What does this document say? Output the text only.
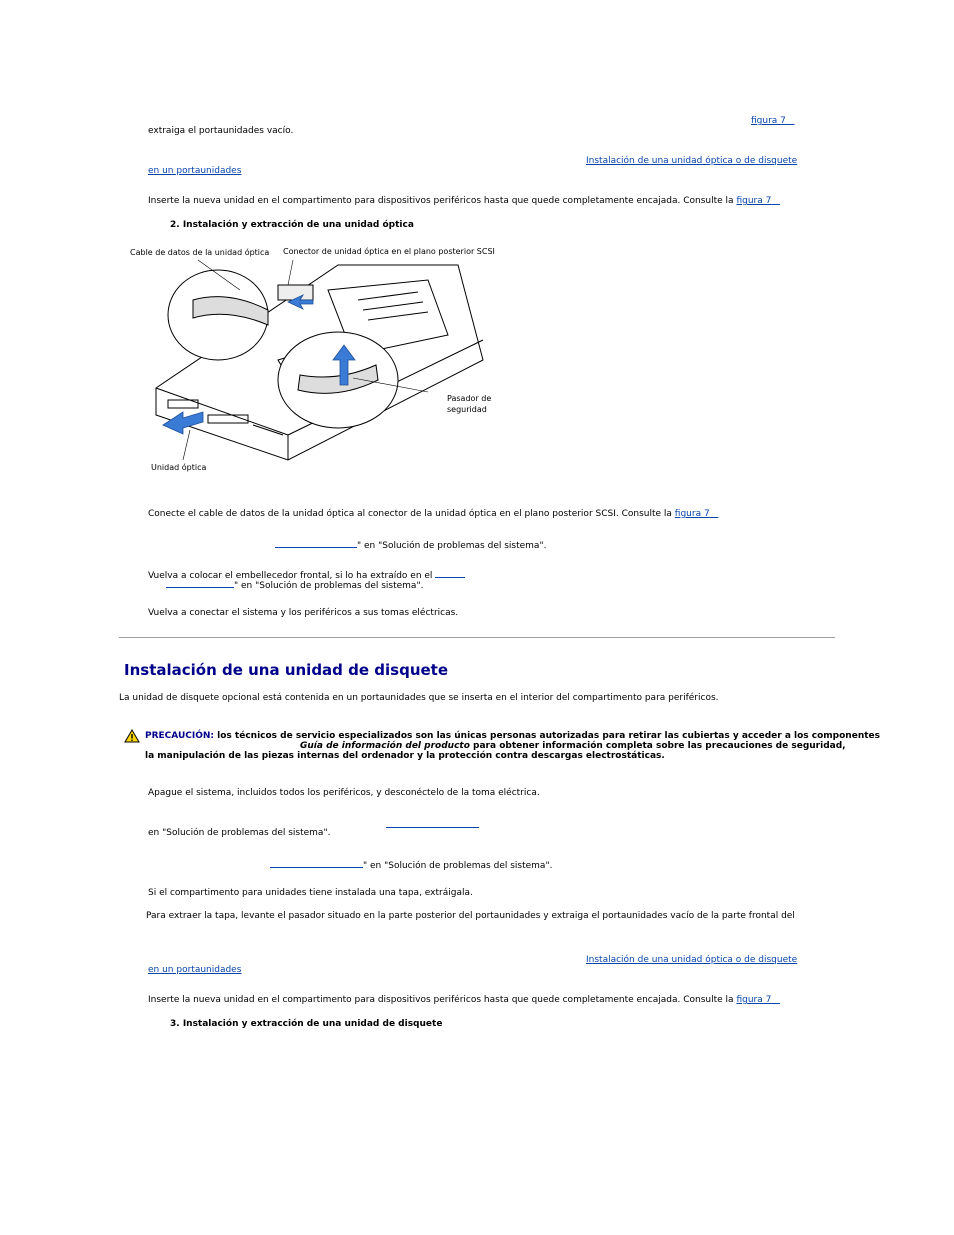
figura 7
extraiga el portaunidades vacío.
Instalación de una unidad óptica o de disquete
en un portaunidades
Inserte la nueva unidad en el compartimento para dispositivos periféricos hasta que quede completamente encajada. Consulte la figura 7
2. Instalación y extracción de una unidad óptica
Cable de datos de la unidad óptica Conector de unidad óptica en el plano posterior SCSI
Pasador de
seguridad
Unidad óptica
Conecte el cable de datos de la unidad óptica al conector de la unidad óptica en el plano posterior SCSI. Consulte la figura 7
" en "Solución de problemas del sistema".
Vuelva a colocar el embellecedor frontal, si lo ha extraído en el
" en "Solución de problemas del sistema".
Vuelva a conectar el sistema y los periféricos a sus tomas eléctricas.
Instalación de una unidad de disquete
La unidad de disquete opcional está contenida en un portaunidades que se inserta en el interior del compartimento para periféricos.
PRECAUCIÓN: los técnicos de servicio especializados son las únicas personas autorizadas para retirar las cubiertas y acceder a los componentes
Guía de información del producto para obtener información completa sobre las precauciones de seguridad,
la manipulación de las piezas internas del ordenador y la protección contra descargas electrostáticas.
Apague el sistema, incluidos todos los periféricos, y desconéctelo de la toma eléctrica.
en "Solución de problemas del sistema".
" en "Solución de problemas del sistema".
Si el compartimento para unidades tiene instalada una tapa, extráigala.
Para extraer la tapa, levante el pasador situado en la parte posterior del portaunidades y extraiga el portaunidades vacío de la parte frontal del
Instalación de una unidad óptica o de disquete
en un portaunidades
Inserte la nueva unidad en el compartimento para dispositivos periféricos hasta que quede completamente encajada. Consulte la figura 7
3. Instalación y extracción de una unidad de disquete
